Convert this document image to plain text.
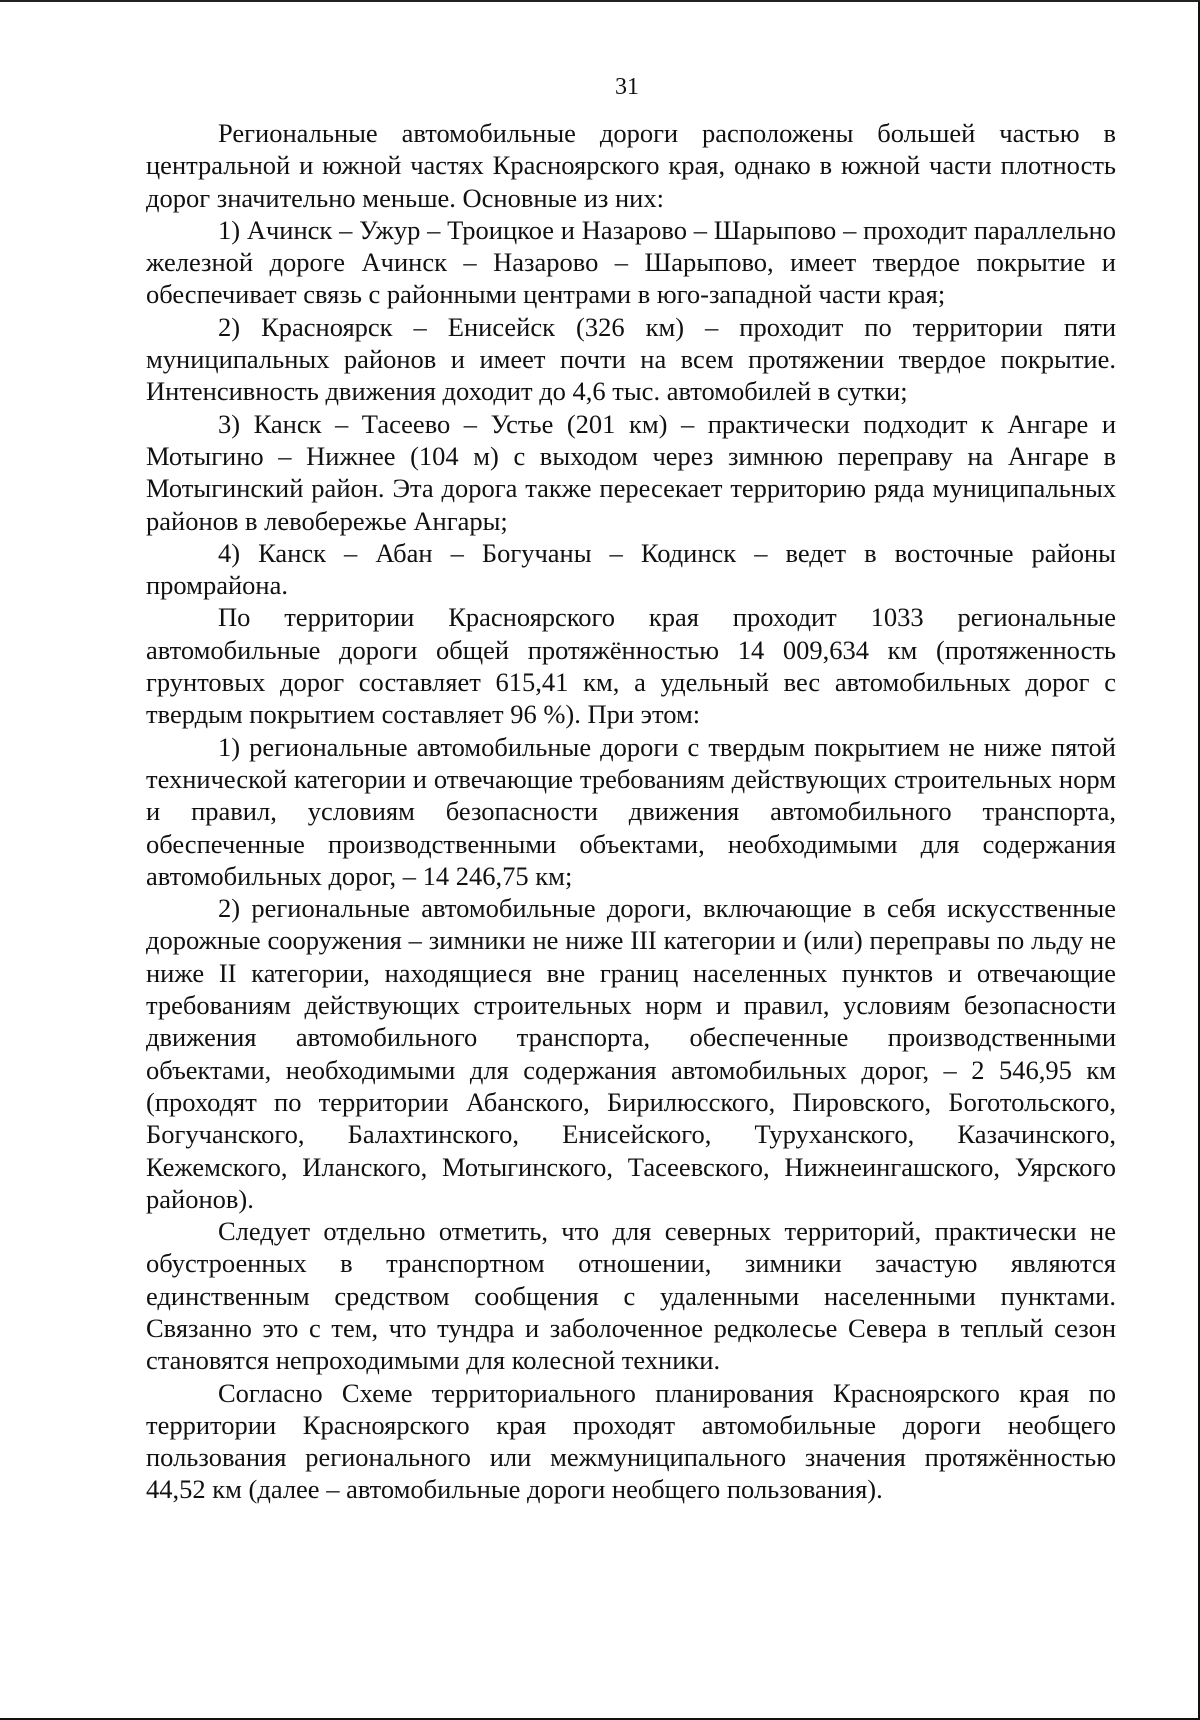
31

Региональные автомобильные дороги расположены большей частью в центральной и южной частях Красноярского края, однако в южной части плотность дорог значительно меньше. Основные из них:

1) Ачинск – Ужур – Троицкое и Назарово – Шарыпово – проходит параллельно железной дороге Ачинск – Назарово – Шарыпово, имеет твердое покрытие и обеспечивает связь с районными центрами в юго-западной части края;

2) Красноярск – Енисейск (326 км) – проходит по территории пяти муниципальных районов и имеет почти на всем протяжении твердое покрытие. Интенсивность движения доходит до 4,6 тыс. автомобилей в сутки;

3) Канск – Тасеево – Устье (201 км) – практически подходит к Ангаре и Мотыгино – Нижнее (104 м) с выходом через зимнюю переправу на Ангаре в Мотыгинский район. Эта дорога также пересекает территорию ряда муниципальных районов в левобережье Ангары;

4) Канск – Абан – Богучаны – Кодинск – ведет в восточные районы промрайона.

По территории Красноярского края проходит 1033 региональные автомобильные дороги общей протяжённостью 14 009,634 км (протяженность грунтовых дорог составляет 615,41 км, а удельный вес автомобильных дорог с твердым покрытием составляет 96 %). При этом:

1) региональные автомобильные дороги с твердым покрытием не ниже пятой технической категории и отвечающие требованиям действующих строительных норм и правил, условиям безопасности движения автомобильного транспорта, обеспеченные производственными объектами, необходимыми для содержания автомобильных дорог, – 14 246,75 км;

2) региональные автомобильные дороги, включающие в себя искусственные дорожные сооружения – зимники не ниже III категории и (или) переправы по льду не ниже II категории, находящиеся вне границ населенных пунктов и отвечающие требованиям действующих строительных норм и правил, условиям безопасности движения автомобильного транспорта, обеспеченные производственными объектами, необходимыми для содержания автомобильных дорог, – 2 546,95 км (проходят по территории Абанского, Бирилюсского, Пировского, Боготольского, Богучанского, Балахтинского, Енисейского, Туруханского, Казачинского, Кежемского, Иланского, Мотыгинского, Тасеевского, Нижнеингашского, Уярского районов).

Следует отдельно отметить, что для северных территорий, практически не обустроенных в транспортном отношении, зимники зачастую являются единственным средством сообщения с удаленными населенными пунктами. Связанно это с тем, что тундра и заболоченное редколесье Севера в теплый сезон становятся непроходимыми для колесной техники.

Согласно Схеме территориального планирования Красноярского края по территории Красноярского края проходят автомобильные дороги необщего пользования регионального или межмуниципального значения протяжённостью 44,52 км (далее – автомобильные дороги необщего пользования).
